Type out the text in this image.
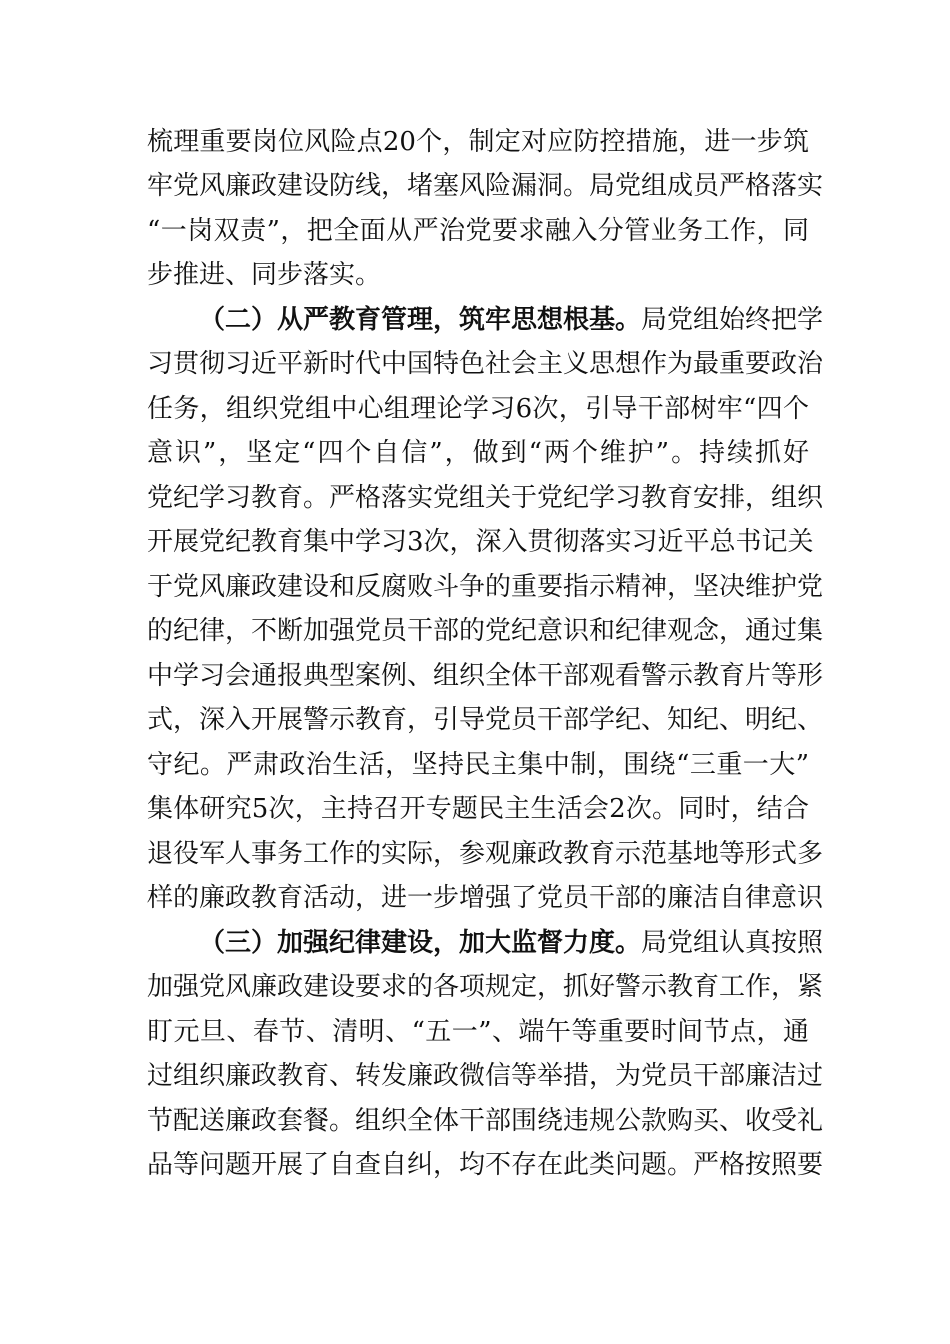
梳理重要岗位风险点20个，制定对应防控措施，进一步筑
牢党风廉政建设防线，堵塞风险漏洞。局党组成员严格落实
“一岗双责”，把全面从严治党要求融入分管业务工作，同
步推进、同步落实。
（二）从严教育管理，筑牢思想根基。局党组始终把学
习贯彻习近平新时代中国特色社会主义思想作为最重要政治
任务，组织党组中心组理论学习6次，引导干部树牢“四个
意识”，坚定“四个自信”，做到“两个维护”。持续抓好
党纪学习教育。严格落实党组关于党纪学习教育安排，组织
开展党纪教育集中学习3次，深入贯彻落实习近平总书记关
于党风廉政建设和反腐败斗争的重要指示精神，坚决维护党
的纪律，不断加强党员干部的党纪意识和纪律观念，通过集
中学习会通报典型案例、组织全体干部观看警示教育片等形
式，深入开展警示教育，引导党员干部学纪、知纪、明纪、
守纪。严肃政治生活，坚持民主集中制，围绕“三重一大”
集体研究5次，主持召开专题民主生活会2次。同时，结合
退役军人事务工作的实际，参观廉政教育示范基地等形式多
样的廉政教育活动，进一步增强了党员干部的廉洁自律意识
（三）加强纪律建设，加大监督力度。局党组认真按照
加强党风廉政建设要求的各项规定，抓好警示教育工作，紧
盯元旦、春节、清明、“五一”、端午等重要时间节点，通
过组织廉政教育、转发廉政微信等举措，为党员干部廉洁过
节配送廉政套餐。组织全体干部围绕违规公款购买、收受礼
品等问题开展了自查自纠，均不存在此类问题。严格按照要
